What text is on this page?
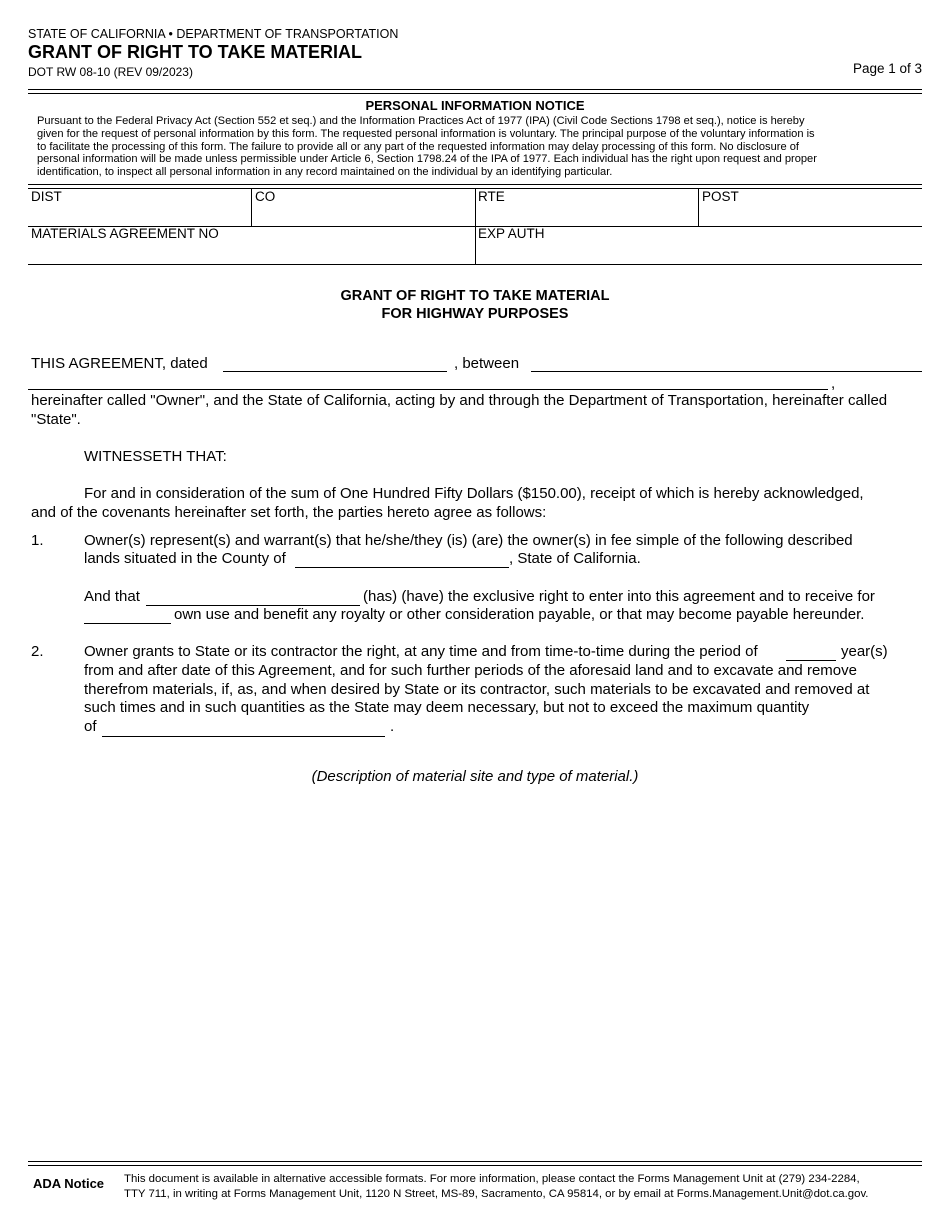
STATE OF CALIFORNIA • DEPARTMENT OF TRANSPORTATION
GRANT OF RIGHT TO TAKE MATERIAL
DOT RW 08-10 (REV 09/2023)	Page 1 of 3
PERSONAL INFORMATION NOTICE
Pursuant to the Federal Privacy Act (Section 552 et seq.) and the Information Practices Act of 1977 (IPA) (Civil Code Sections 1798 et seq.), notice is hereby
given for the request of personal information by this form. The requested personal information is voluntary. The principal purpose of the voluntary information is
to facilitate the processing of this form. The failure to provide all or any part of the requested information may delay processing of this form. No disclosure of
personal information will be made unless permissible under Article 6, Section 1798.24 of the IPA of 1977. Each individual has the right upon request and proper
identification, to inspect all personal information in any record maintained on the individual by an identifying particular.
DIST	CO	RTE	POST
MATERIALS AGREEMENT NO	EXP AUTH
GRANT OF RIGHT TO TAKE MATERIAL
FOR HIGHWAY PURPOSES
THIS AGREEMENT, dated	, between
,
hereinafter called "Owner", and the State of California, acting by and through the Department of Transportation, hereinafter called
"State".
WITNESSETH THAT:
For and in consideration of the sum of One Hundred Fifty Dollars ($150.00), receipt of which is hereby acknowledged,
and of the covenants hereinafter set forth, the parties hereto agree as follows:
1.	Owner(s) represent(s) and warrant(s) that he/she/they (is) (are) the owner(s) in fee simple of the following described
lands situated in the County of	, State of California.
And that	(has) (have) the exclusive right to enter into this agreement and to receive for
own use and benefit any royalty or other consideration payable, or that may become payable hereunder.
2.	Owner grants to State or its contractor the right, at any time and from time-to-time during the period of	year(s)
from and after date of this Agreement, and for such further periods of the aforesaid land and to excavate and remove
therefrom materials, if, as, and when desired by State or its contractor, such materials to be excavated and removed at
such times and in such quantities as the State may deem necessary, but not to exceed the maximum quantity
of	.
(Description of material site and type of material.)
ADA Notice This document is available in alternative accessible formats. For more information, please contact the Forms Management Unit at (279) 234-2284,
TTY 711, in writing at Forms Management Unit, 1120 N Street, MS-89, Sacramento, CA 95814, or by email at Forms.Management.Unit@dot.ca.gov.
